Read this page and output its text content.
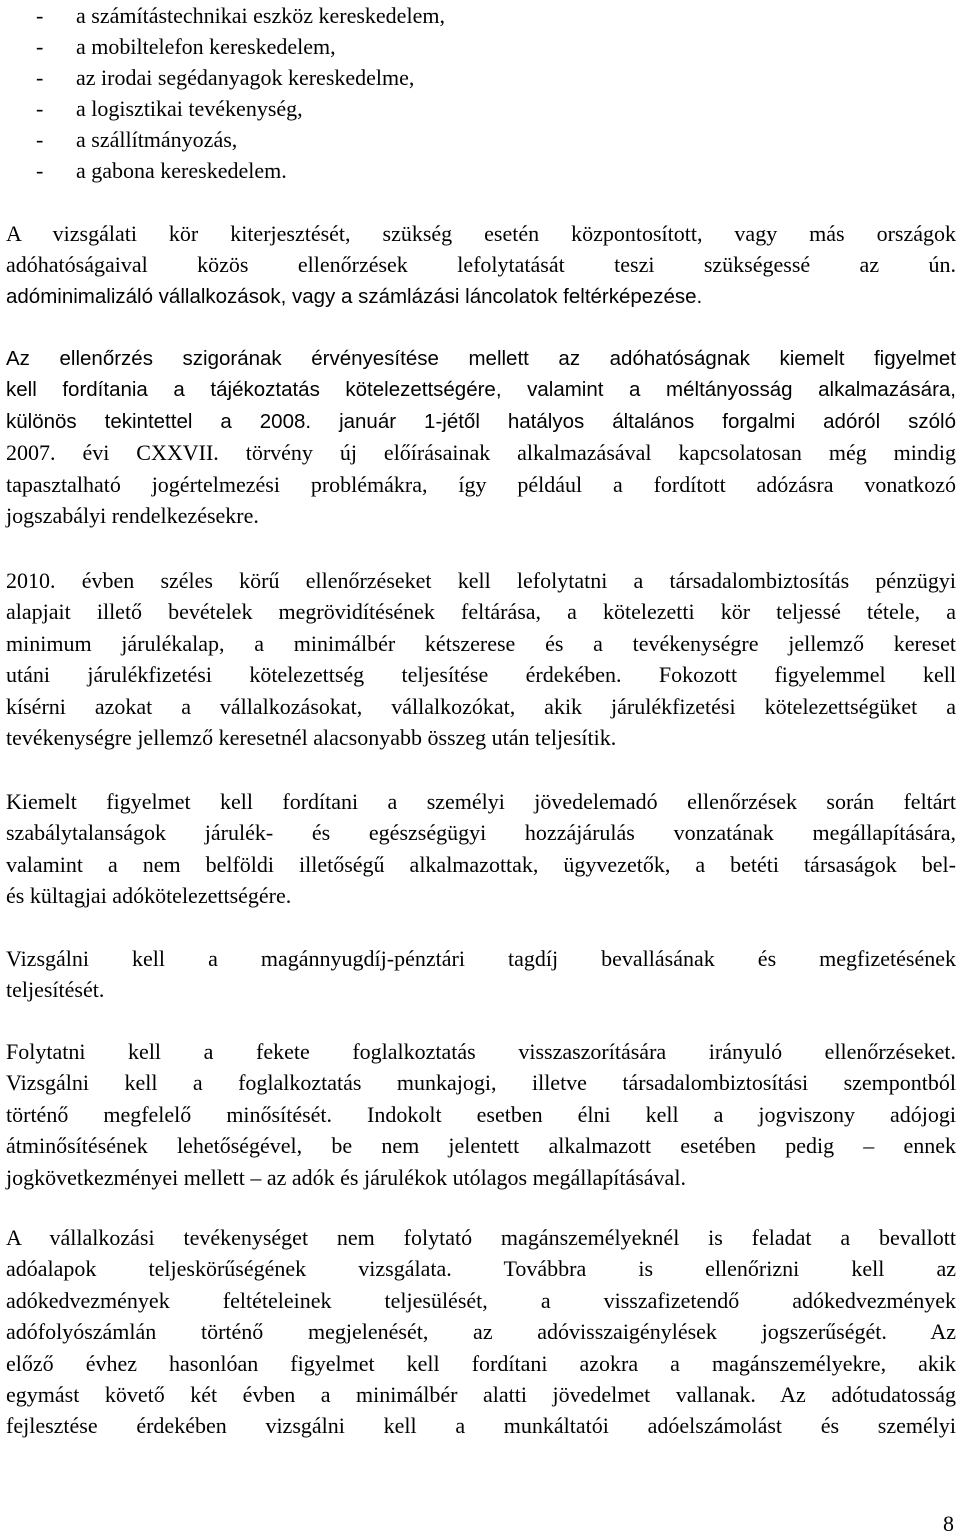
- a számítástechnikai eszköz kereskedelem,
- a mobiltelefon kereskedelem,
- az irodai segédanyagok kereskedelme,
- a logisztikai tevékenység,
- a szállítmányozás,
- a gabona kereskedelem.
A vizsgálati kör kiterjesztését, szükség esetén központosított, vagy más országok
adóhatóságaival közös ellenőrzések lefolytatását teszi szükségessé az ún.
adóminimalizáló vállalkozások, vagy a számlázási láncolatok feltérképezése.
Az ellenőrzés szigorának érvényesítése mellett az adóhatóságnak kiemelt figyelmet
kell fordítania a tájékoztatás kötelezettségére, valamint a méltányosság alkalmazására,
különös tekintettel a 2008. január 1-jétől hatályos általános forgalmi adóról szóló
2007. évi CXXVII. törvény új előírásainak alkalmazásával kapcsolatosan még mindig
tapasztalható jogértelmezési problémákra, így például a fordított adózásra vonatkozó
jogszabályi rendelkezésekre.
2010. évben széles körű ellenőrzéseket kell lefolytatni a társadalombiztosítás pénzügyi
alapjait illető bevételek megrövidítésének feltárása, a kötelezetti kör teljessé tétele, a
minimum járulékalap, a minimálbér kétszerese és a tevékenységre jellemző kereset
utáni járulékfizetési kötelezettség teljesítése érdekében. Fokozott figyelemmel kell
kísérni azokat a vállalkozásokat, vállalkozókat, akik járulékfizetési kötelezettségüket a
tevékenységre jellemző keresetnél alacsonyabb összeg után teljesítik.
Kiemelt figyelmet kell fordítani a személyi jövedelemadó ellenőrzések során feltárt
szabálytalanságok járulék- és egészségügyi hozzájárulás vonzatának megállapítására,
valamint a nem belföldi illetőségű alkalmazottak, ügyvezetők, a betéti társaságok bel-
és kültagjai adókötelezettségére.
Vizsgálni kell a magánnyugdíj-pénztári tagdíj bevallásának és megfizetésének
teljesítését.
Folytatni kell a fekete foglalkoztatás visszaszorítására irányuló ellenőrzéseket.
Vizsgálni kell a foglalkoztatás munkajogi, illetve társadalombiztosítási szempontból
történő megfelelő minősítését. Indokolt esetben élni kell a jogviszony adójogi
átminősítésének lehetőségével, be nem jelentett alkalmazott esetében pedig – ennek
jogkövetkezményei mellett – az adók és járulékok utólagos megállapításával.
A vállalkozási tevékenységet nem folytató magánszemélyeknél is feladat a bevallott
adóalapok teljeskörűségének vizsgálata. Továbbra is ellenőrizni kell az
adókedvezmények feltételeinek teljesülését, a visszafizetendő adókedvezmények
adófolyószámlán történő megjelenését, az adóvisszaigénylések jogszerűségét. Az
előző évhez hasonlóan figyelmet kell fordítani azokra a magánszemélyekre, akik
egymást követő két évben a minimálbér alatti jövedelmet vallanak. Az adótudatosság
fejlesztése érdekében vizsgálni kell a munkáltatói adóelszámolást és személyi
8
